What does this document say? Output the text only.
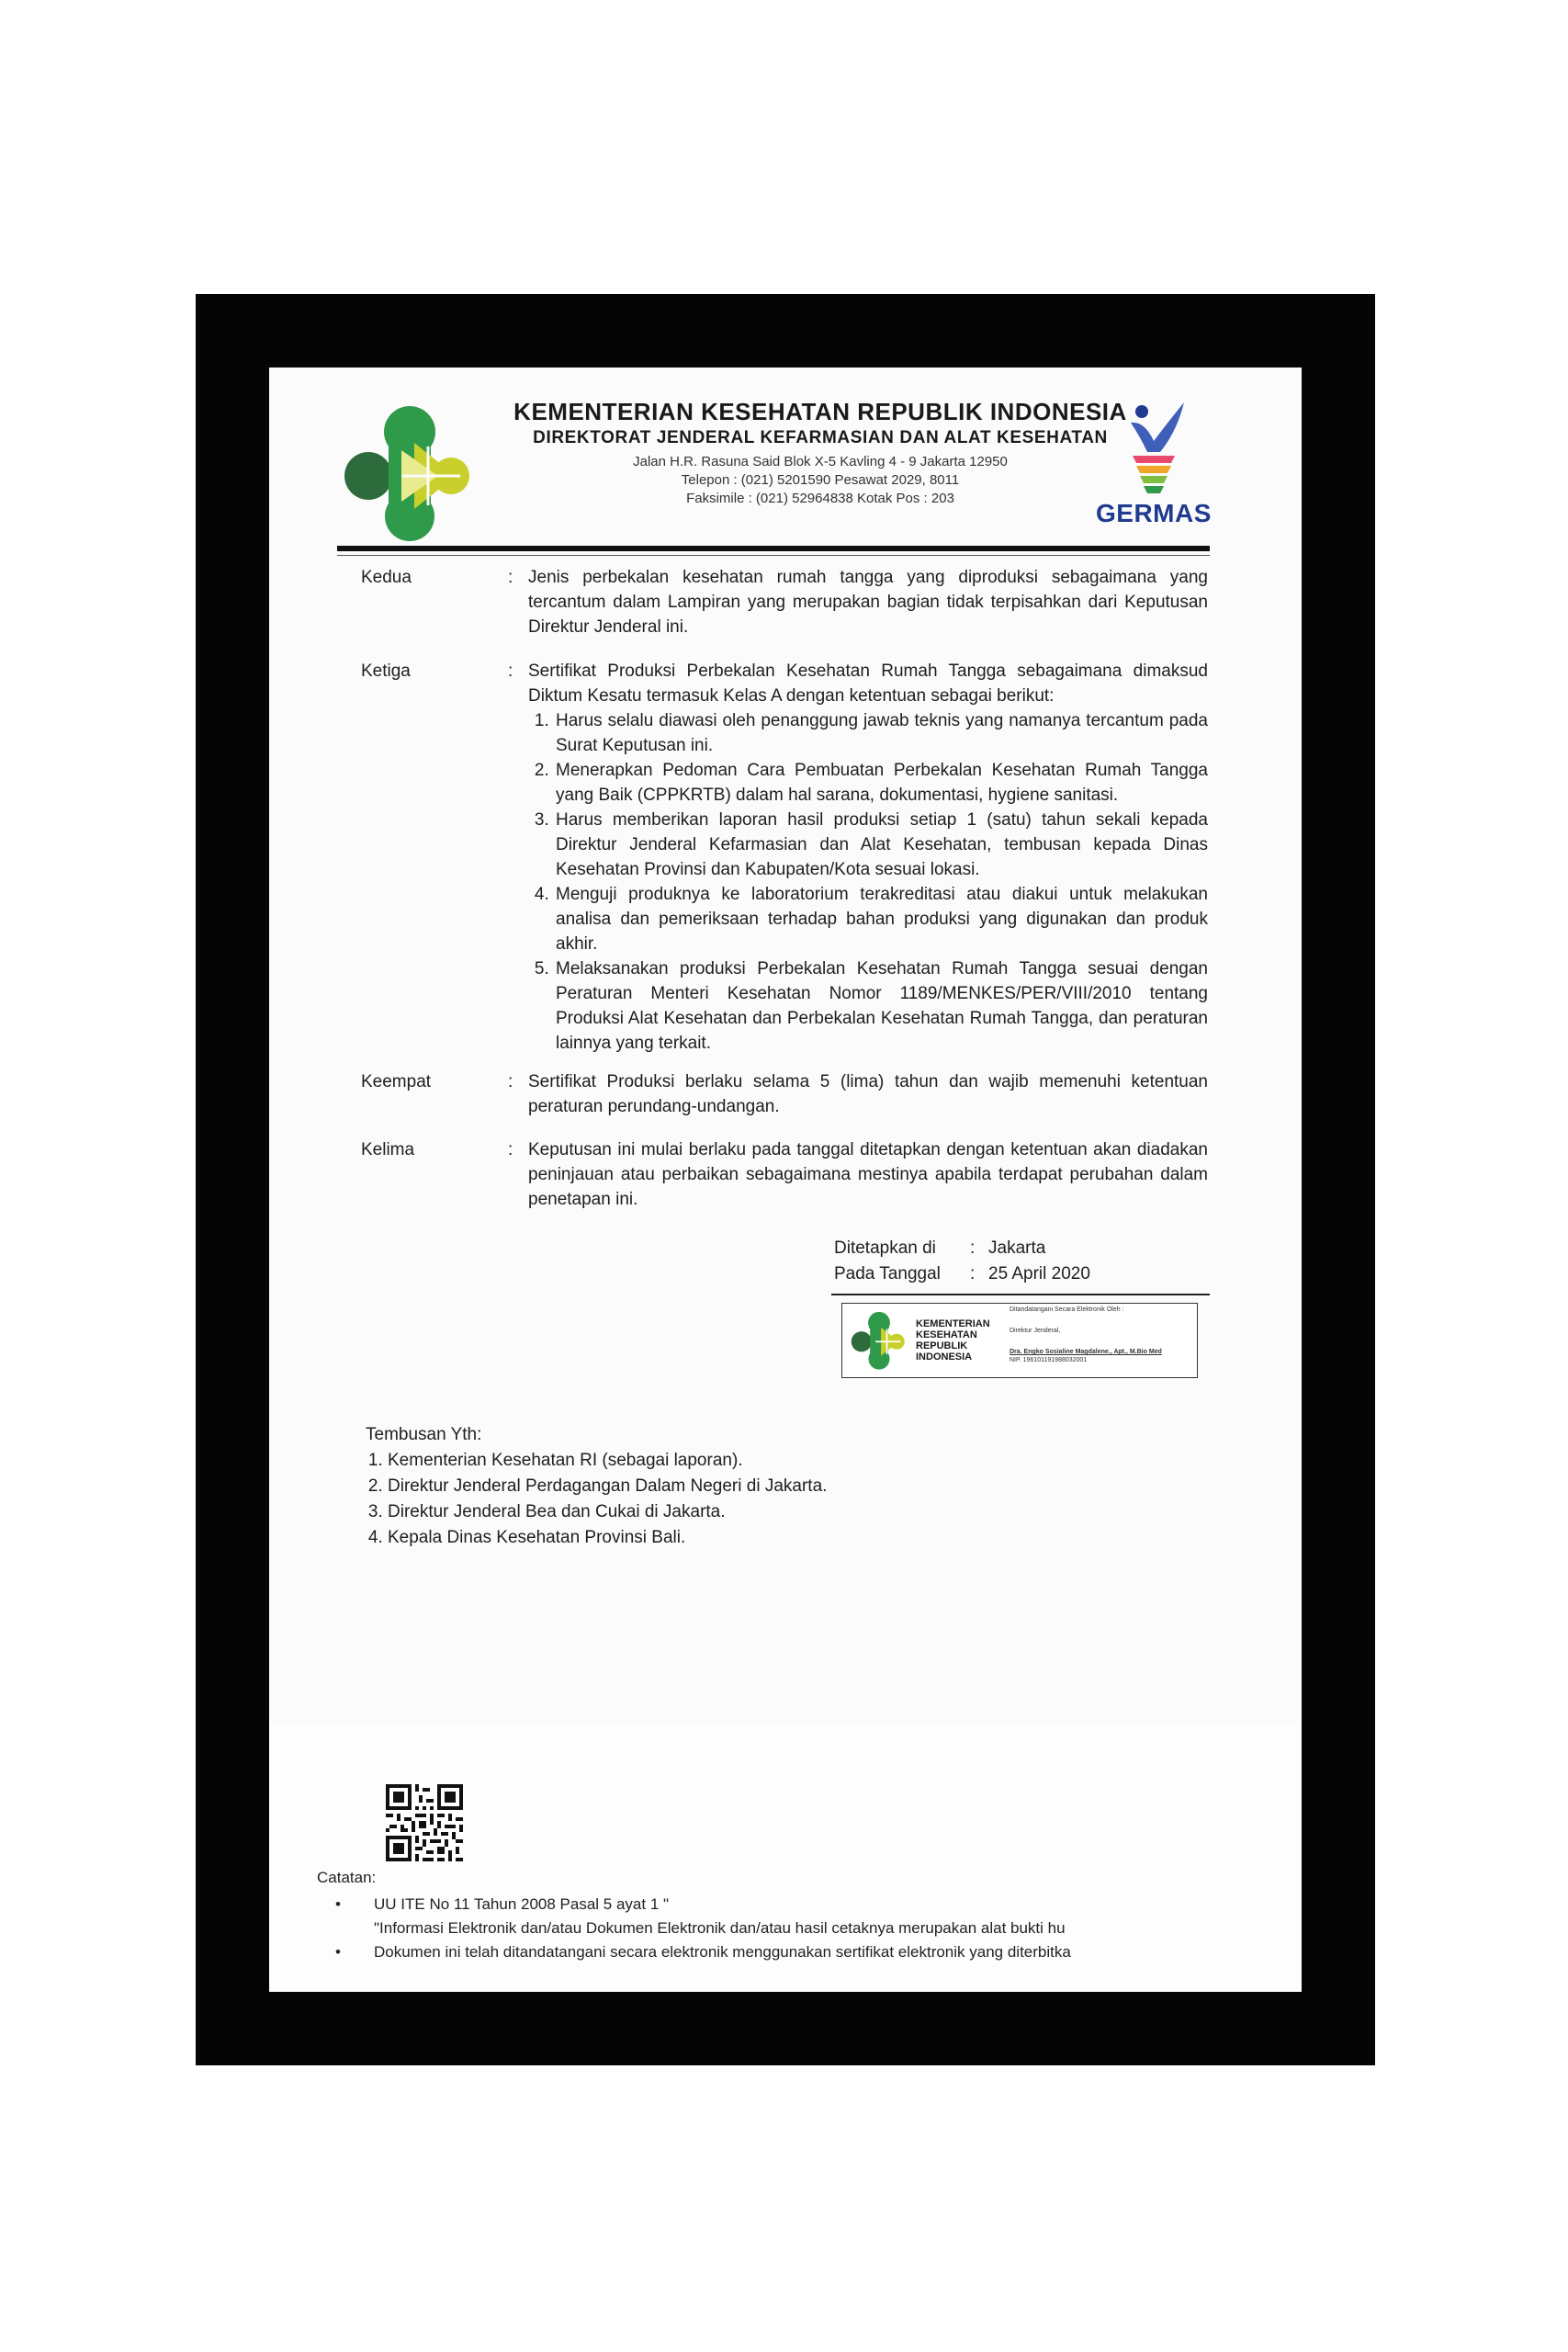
KEMENTERIAN KESEHATAN REPUBLIK INDONESIA
DIREKTORAT JENDERAL KEFARMASIAN DAN ALAT KESEHATAN
Jalan H.R. Rasuna Said Blok X-5 Kavling 4 - 9 Jakarta 12950
Telepon : (021) 5201590 Pesawat 2029, 8011
Faksimile : (021) 52964838 Kotak Pos : 203
GERMAS
Kedua	: Jenis perbekalan kesehatan rumah tangga yang diproduksi sebagaimana yang tercantum dalam Lampiran yang merupakan bagian tidak terpisahkan dari Keputusan Direktur Jenderal ini.
Ketiga	: Sertifikat Produksi Perbekalan Kesehatan Rumah Tangga sebagaimana dimaksud Diktum Kesatu termasuk Kelas A dengan ketentuan sebagai berikut:
1. Harus selalu diawasi oleh penanggung jawab teknis yang namanya tercantum pada Surat Keputusan ini.
2. Menerapkan Pedoman Cara Pembuatan Perbekalan Kesehatan Rumah Tangga yang Baik (CPPKRTB) dalam hal sarana, dokumentasi, hygiene sanitasi.
3. Harus memberikan laporan hasil produksi setiap 1 (satu) tahun sekali kepada Direktur Jenderal Kefarmasian dan Alat Kesehatan, tembusan kepada Dinas Kesehatan Provinsi dan Kabupaten/Kota sesuai lokasi.
4. Menguji produknya ke laboratorium terakreditasi atau diakui untuk melakukan analisa dan pemeriksaan terhadap bahan produksi yang digunakan dan produk akhir.
5. Melaksanakan produksi Perbekalan Kesehatan Rumah Tangga sesuai dengan Peraturan Menteri Kesehatan Nomor 1189/MENKES/PER/VIII/2010 tentang Produksi Alat Kesehatan dan Perbekalan Kesehatan Rumah Tangga, dan peraturan lainnya yang terkait.
Keempat	: Sertifikat Produksi berlaku selama 5 (lima) tahun dan wajib memenuhi ketentuan peraturan perundang-undangan.
Kelima	: Keputusan ini mulai berlaku pada tanggal ditetapkan dengan ketentuan akan diadakan peninjauan atau perbaikan sebagaimana mestinya apabila terdapat perubahan dalam penetapan ini.
Ditetapkan di	: Jakarta
Pada Tanggal	: 25 April 2020
KEMENTERIAN
KESEHATAN
REPUBLIK
INDONESIA
Ditandatangani Secara Elektronik Oleh :
Direktur Jenderal,
Dra. Engko Sosialine Magdalene., Apt., M.Bio Med
NIP. 196101191988032001
Tembusan Yth:
1. Kementerian Kesehatan RI (sebagai laporan).
2. Direktur Jenderal Perdagangan Dalam Negeri di Jakarta.
3. Direktur Jenderal Bea dan Cukai di Jakarta.
4. Kepala Dinas Kesehatan Provinsi Bali.
Catatan:
• UU ITE No 11 Tahun 2008 Pasal 5 ayat 1 "
"Informasi Elektronik dan/atau Dokumen Elektronik dan/atau hasil cetaknya merupakan alat bukti hu
• Dokumen ini telah ditandatangani secara elektronik menggunakan sertifikat elektronik yang diterbitka
